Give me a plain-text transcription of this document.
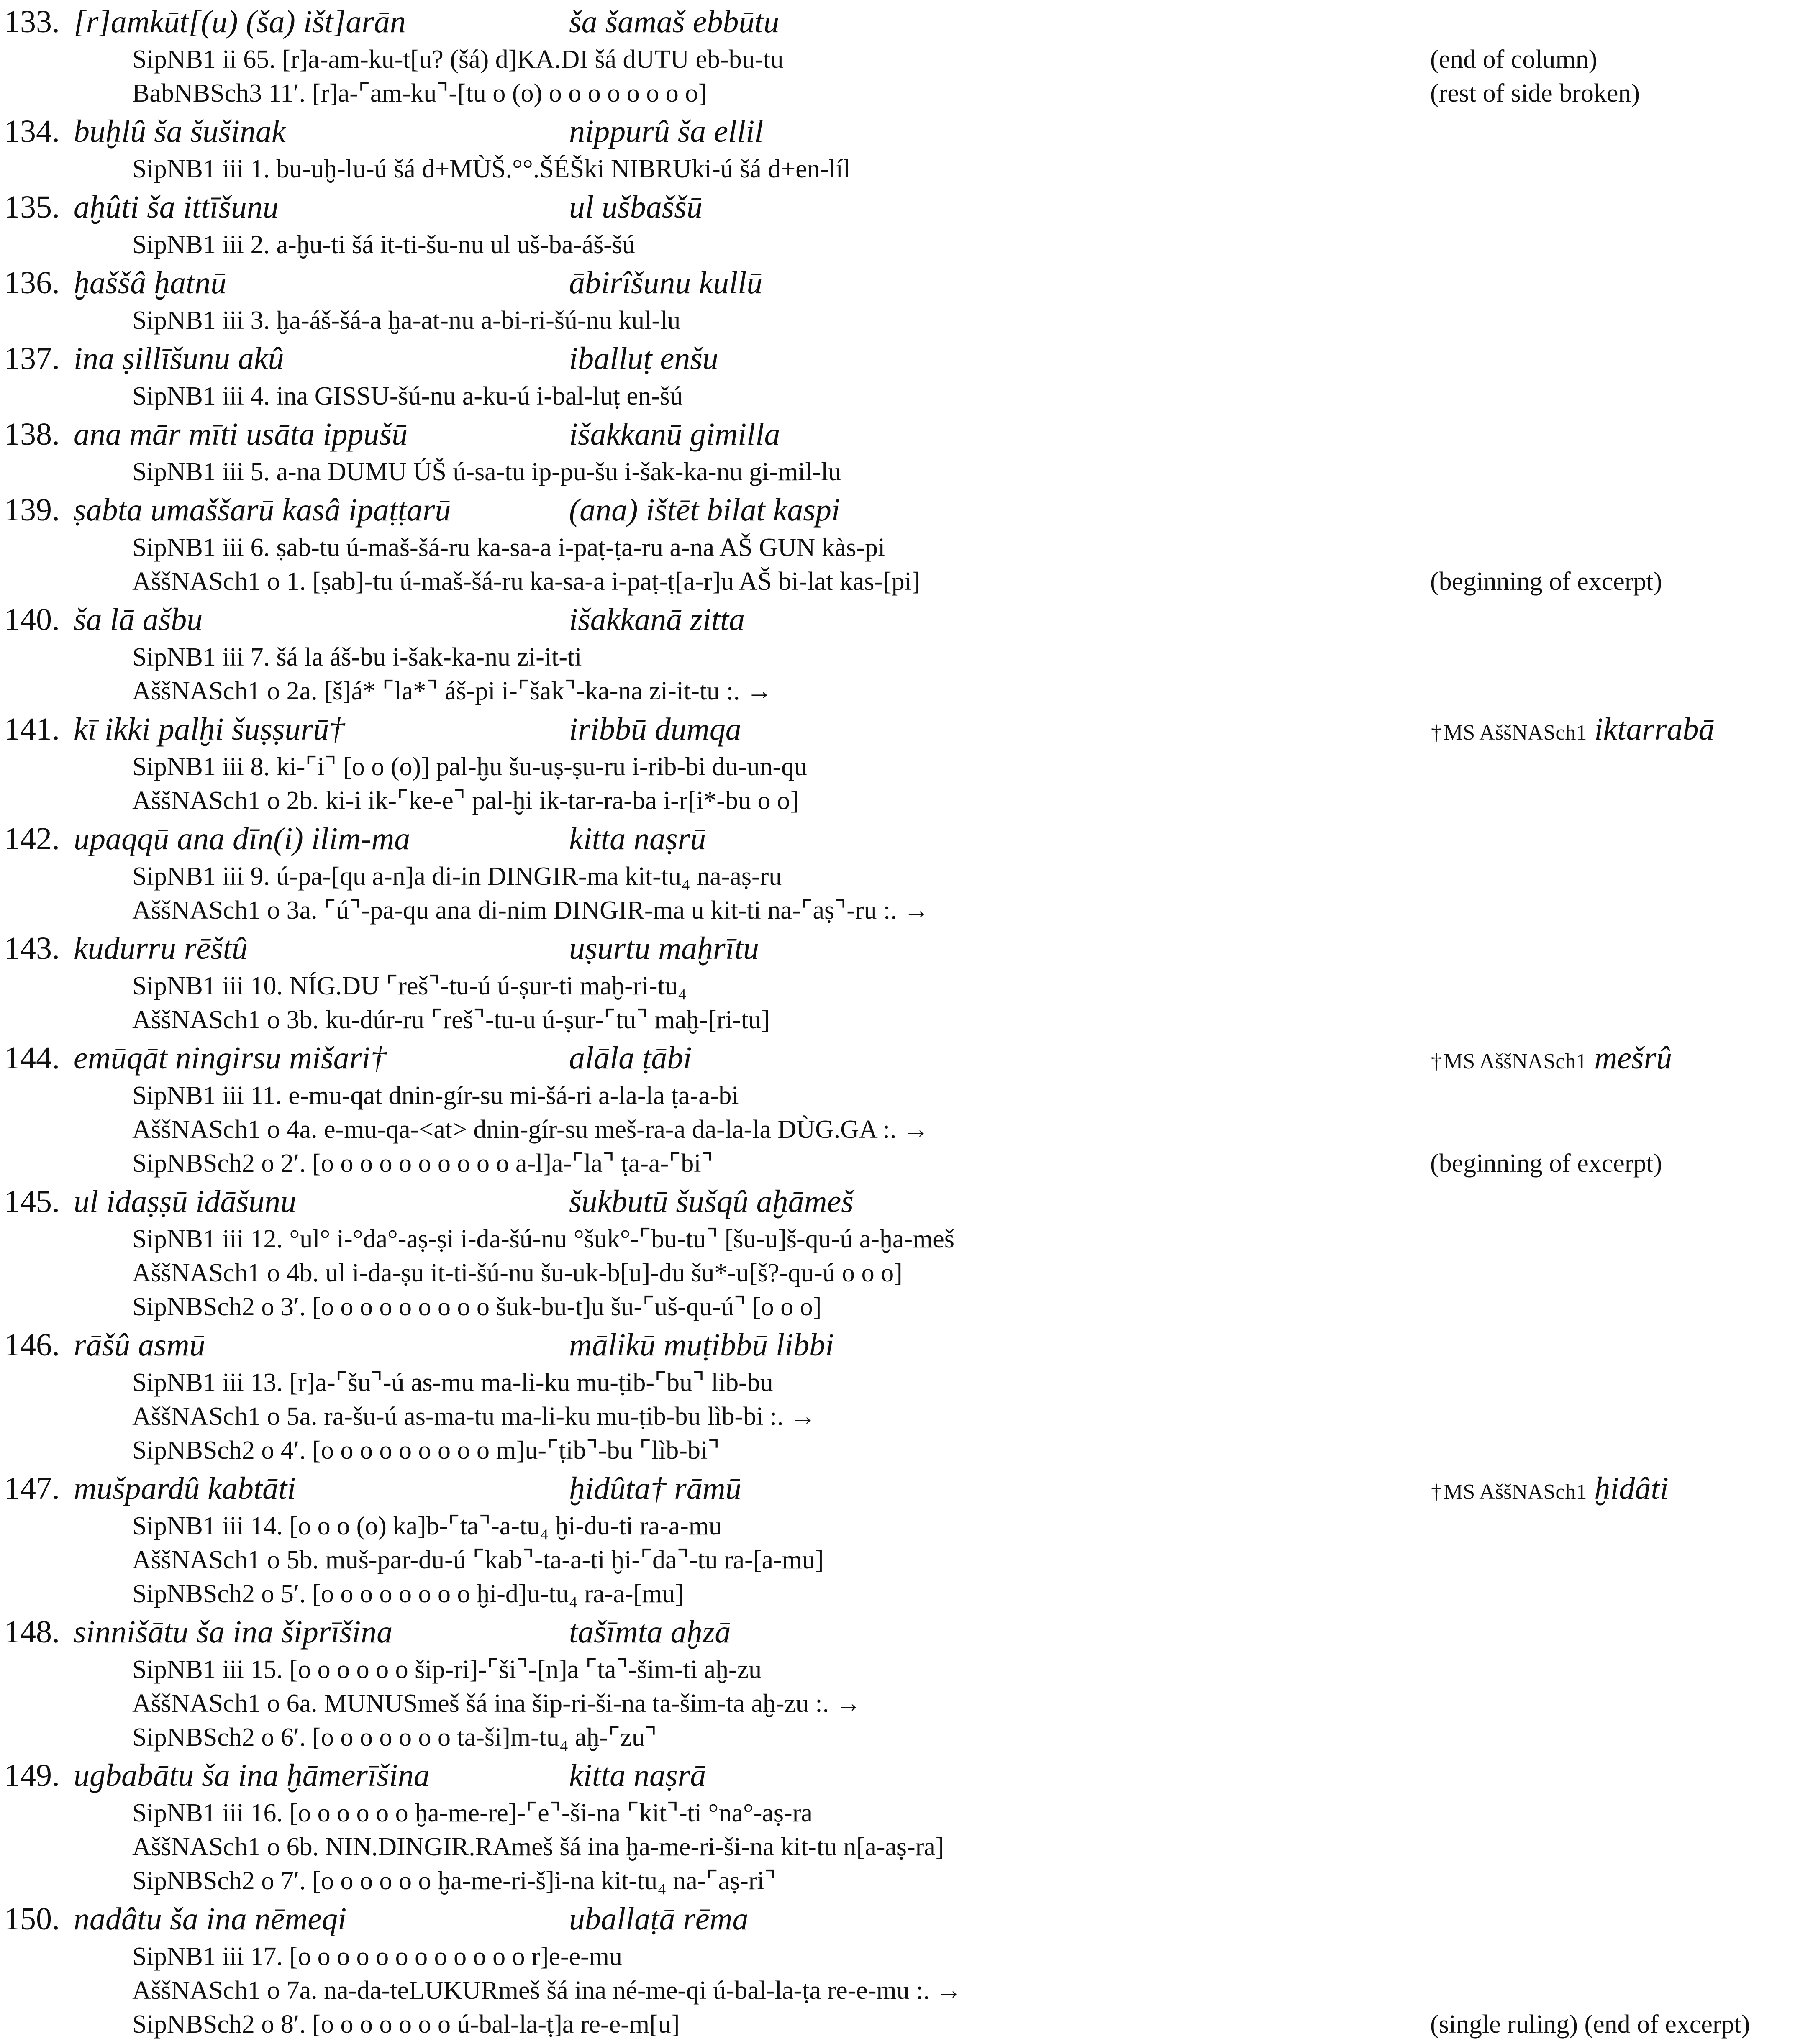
133. [r]amkūt[(u) (ša) išt]arān	ša šamaš ebbūtu
SipNB1 ii 65. [r]a-am-ku-t[u? (šá) d]KA.DI šá dUTU eb-bu-tu	(end of column)
BabNBSch3 11′. [r]a-⌜am-ku⌝-[tu o (o) o o o o o o o o]	(rest of side broken)
134. buḫlû ša šušinak	nippurû ša ellil
SipNB1 iii 1. bu-uḫ-lu-ú šá d+MÙŠ.°°.ŠÉŠki NIBRUki-ú šá d+en-líl
135. aḫûti ša ittīšunu	ul ušbaššū
SipNB1 iii 2. a-ḫu-ti šá it-ti-šu-nu ul uš-ba-áš-šú
136. ḫaššâ ḫatnū	ābirîšunu kullū
SipNB1 iii 3. ḫa-áš-šá-a ḫa-at-nu a-bi-ri-šú-nu kul-lu
137. ina ṣillīšunu akû	iballuṭ enšu
SipNB1 iii 4. ina GISSU-šú-nu a-ku-ú i-bal-luṭ en-šú
138. ana mār mīti usāta ippušū	išakkanū gimilla
SipNB1 iii 5. a-na DUMU ÚŠ ú-sa-tu ip-pu-šu i-šak-ka-nu gi-mil-lu
139. ṣabta umaššarū kasâ ipaṭṭarū	(ana) ištēt bilat kaspi
SipNB1 iii 6. ṣab-tu ú-maš-šá-ru ka-sa-a i-paṭ-ṭa-ru a-na AŠ GUN kàs-pi
AššNASch1 o 1. [ṣab]-tu ú-maš-šá-ru ka-sa-a i-paṭ-ṭ[a-r]u AŠ bi-lat kas-[pi]	(beginning of excerpt)
140. ša lā ašbu	išakkanā zitta
SipNB1 iii 7. šá la áš-bu i-šak-ka-nu zi-it-ti
AššNASch1 o 2a. [š]á* ⌜la*⌝ áš-pi i-⌜šak⌝-ka-na zi-it-tu :. →
141. kī ikki palḫi šuṣṣurū†	iribbū dumqa	† MS AššNASch1 iktarrabā
SipNB1 iii 8. ki-⌜i⌝ [o o (o)] pal-ḫu šu-uṣ-ṣu-ru i-rib-bi du-un-qu
AššNASch1 o 2b. ki-i ik-⌜ke-e⌝ pal-ḫi ik-tar-ra-ba i-r[i*-bu o o]
142. upaqqū ana dīn(i) ilim-ma	kitta naṣrū
SipNB1 iii 9. ú-pa-[qu a-n]a di-in DINGIR-ma kit-tu₄ na-aṣ-ru
AššNASch1 o 3a. ⌜ú⌝-pa-qu ana di-nim DINGIR-ma u kit-ti na-⌜aṣ⌝-ru :. →
143. kudurru rēštû	uṣurtu maḫrītu
SipNB1 iii 10. NÍG.DU ⌜reš⌝-tu-ú ú-ṣur-ti maḫ-ri-tu₄
AššNASch1 o 3b. ku-dúr-ru ⌜reš⌝-tu-u ú-ṣur-⌜tu⌝ maḫ-[ri-tu]
144. emūqāt ningirsu mišari†	alāla ṭābi	† MS AššNASch1 mešrû
SipNB1 iii 11. e-mu-qat dnin-gír-su mi-šá-ri a-la-la ṭa-a-bi
AššNASch1 o 4a. e-mu-qa-<at> dnin-gír-su meš-ra-a da-la-la DÙG.GA :. →
SipNBSch2 o 2′. [o o o o o o o o o o a-l]a-⌜la⌝ ṭa-a-⌜bi⌝	(beginning of excerpt)
145. ul idaṣṣū idāšunu	šukbutū šušqû aḫāmeš
SipNB1 iii 12. °ul° i-°da°-aṣ-ṣi i-da-šú-nu °šuk°-⌜bu-tu⌝ [šu-u]š-qu-ú a-ḫa-meš
AššNASch1 o 4b. ul i-da-ṣu it-ti-šú-nu šu-uk-b[u]-du šu*-u[š?-qu-ú o o o]
SipNBSch2 o 3′. [o o o o o o o o o šuk-bu-t]u šu-⌜uš-qu-ú⌝ [o o o]
146. rāšû asmū	mālikū muṭibbū libbi
SipNB1 iii 13. [r]a-⌜šu⌝-ú as-mu ma-li-ku mu-ṭib-⌜bu⌝ lib-bu
AššNASch1 o 5a. ra-šu-ú as-ma-tu ma-li-ku mu-ṭib-bu lìb-bi :. →
SipNBSch2 o 4′. [o o o o o o o o o m]u-⌜ṭib⌝-bu ⌜lìb-bi⌝
147. mušpardû kabtāti	ḫidûta† rāmū	† MS AššNASch1 ḫidâti
SipNB1 iii 14. [o o o (o) ka]b-⌜ta⌝-a-tu₄ ḫi-du-ti ra-a-mu
AššNASch1 o 5b. muš-par-du-ú ⌜kab⌝-ta-a-ti ḫi-⌜da⌝-tu ra-[a-mu]
SipNBSch2 o 5′. [o o o o o o o o ḫi-d]u-tu₄ ra-a-[mu]
148. sinnišātu ša ina šiprīšina	tašīmta aḫzā
SipNB1 iii 15. [o o o o o o šip-ri]-⌜ši⌝-[n]a ⌜ta⌝-šim-ti aḫ-zu
AššNASch1 o 6a. MUNUSmeš šá ina šip-ri-ši-na ta-šim-ta aḫ-zu :. →
SipNBSch2 o 6′. [o o o o o o o ta-ši]m-tu₄ aḫ-⌜zu⌝
149. ugbabātu ša ina ḫāmerīšina	kitta naṣrā
SipNB1 iii 16. [o o o o o o ḫa-me-re]-⌜e⌝-ši-na ⌜kit⌝-ti °na°-aṣ-ra
AššNASch1 o 6b. NIN.DINGIR.RAmeš šá ina ḫa-me-ri-ši-na kit-tu n[a-aṣ-ra]
SipNBSch2 o 7′. [o o o o o o ḫa-me-ri-š]i-na kit-tu₄ na-⌜aṣ-ri⌝
150. nadâtu ša ina nēmeqi	uballaṭā rēma
SipNB1 iii 17. [o o o o o o o o o o o o r]e-e-mu
AššNASch1 o 7a. na-da-teLUKURmeš šá ina né-me-qi ú-bal-la-ṭa re-e-mu :. →
SipNBSch2 o 8′. [o o o o o o o ú-bal-la-ṭ]a re-e-m[u]	(single ruling) (end of excerpt)
